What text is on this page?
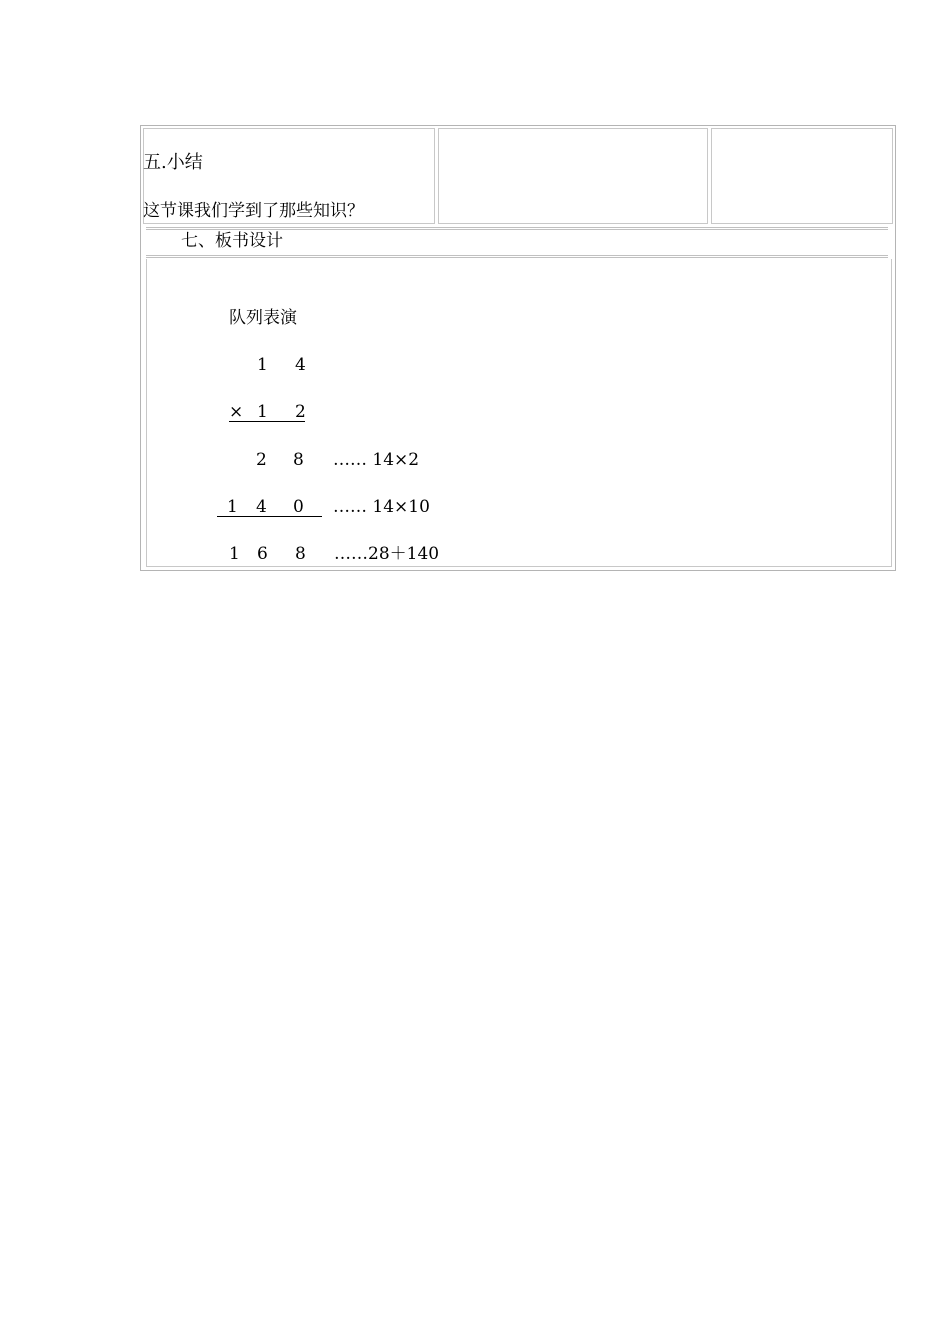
五.小结
这节课我们学到了那些知识？
七、板书设计
队列表演
1 4
× 1 2
2 8 …… 14×2
1 4 0 …… 14×10
1 6 8 ……28＋140
